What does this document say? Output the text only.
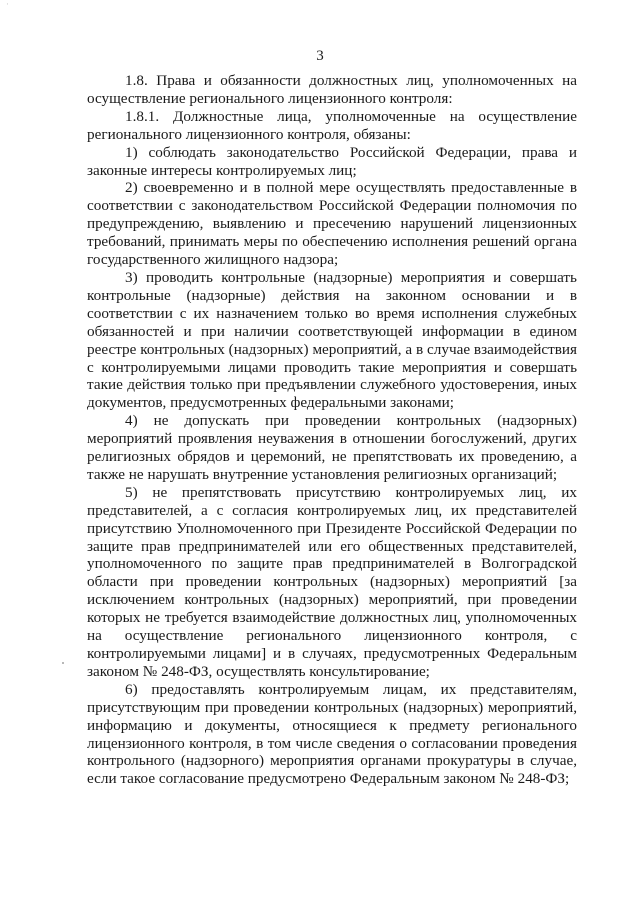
·
3

1.8. Права и обязанности должностных лиц, уполномоченных на осуществление регионального лицензионного контроля:

1.8.1. Должностные лица, уполномоченные на осуществление регионального лицензионного контроля, обязаны:

1) соблюдать законодательство Российской Федерации, права и законные интересы контролируемых лиц;

2) своевременно и в полной мере осуществлять предоставленные в соответствии с законодательством Российской Федерации полномочия по предупреждению, выявлению и пресечению нарушений лицензионных требований, принимать меры по обеспечению исполнения решений органа государственного жилищного надзора;

3) проводить контрольные (надзорные) мероприятия и совершать контрольные (надзорные) действия на законном основании и в соответствии с их назначением только во время исполнения служебных обязанностей и при наличии соответствующей информации в едином реестре контрольных (надзорных) мероприятий, а в случае взаимодействия с контролируемыми лицами проводить такие мероприятия и совершать такие действия только при предъявлении служебного удостоверения, иных документов, предусмотренных федеральными законами;

4) не допускать при проведении контрольных (надзорных) мероприятий проявления неуважения в отношении богослужений, других религиозных обрядов и церемоний, не препятствовать их проведению, а также не нарушать внутренние установления религиозных организаций;

5) не препятствовать присутствию контролируемых лиц, их представителей, а с согласия контролируемых лиц, их представителей присутствию Уполномоченного при Президенте Российской Федерации по защите прав предпринимателей или его общественных представителей, уполномоченного по защите прав предпринимателей в Волгоградской области при проведении контрольных (надзорных) мероприятий [за исключением контрольных (надзорных) мероприятий, при проведении которых не требуется взаимодействие должностных лиц, уполномоченных на осуществление регионального лицензионного контроля, с контролируемыми лицами] и в случаях, предусмотренных Федеральным законом № 248-ФЗ, осуществлять консультирование;

6) предоставлять контролируемым лицам, их представителям, присутствующим при проведении контрольных (надзорных) мероприятий, информацию и документы, относящиеся к предмету регионального лицензионного контроля, в том числе сведения о согласовании проведения контрольного (надзорного) мероприятия органами прокуратуры в случае, если такое согласование предусмотрено Федеральным законом № 248-ФЗ;
